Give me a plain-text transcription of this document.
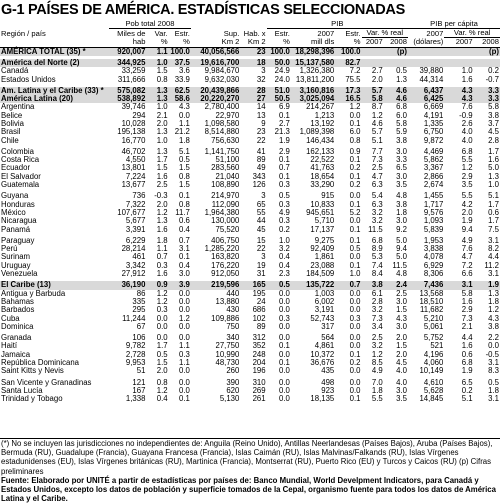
G-1 PAÍSES DE AMÉRICA. ESTADÍSTICAS SELECCIONADAS
	Pob total 2008					PIB					PIB per cápita		
Región / país	Miles de	Var.	Estr.	Sup.	Hab. x	Estr.	2007	Estr.	Var. % real		2007	Var. % real	
	hab	%	%	Km 2	Km 2	%	mill dls	%	2007	2008	(dólares)	2007	2008
AMÉRICA TOTAL (35) *	920,007	1.1	100.0	40,056,566	23	100.0	18,298,396	100.0		(p)			(p)

América del Norte (2)	344,925	1.0	37.5	19,616,700	18	50.0	15,137,580	82.7					
Canadá	33,259	1.5	3.6	9,984,670	3	24.9	1,326,380	7.2	2.7	0.5	39,880	1.0	0.2
Estados Unidos	311,666	0.8	33.9	9,632,030	32	24.0	13,811,200	75.5	2.0	1.3	44,314	1.6	-0.7

Am. Latina y el Caribe (33) *	575,082	1.3	62.5	20,439,866	28	51.0	3,160,816	17.3	5.7	4.6	6,437	4.3	3.3
América Latina (20)	538,892	1.3	58.6	20,220,270	27	50.5	3,025,094	16.5	5.8	4.6	6,425	4.3	3.3
Argentina	39,746	1.0	4.3	2,780,400	14	6.9	214,267	1.2	8.7	6.8	6,669	7.6	5.8
Belice	294	2.1	0.0	22,970	13	0.1	1,213	0.0	1.2	6.0	4,191	-0.9	3.8
Bolivia	10,028	2.0	1.1	1,098,580	9	2.7	13,192	0.1	4.6	5.8	1,335	2.6	3.7
Brasil	195,138	1.3	21.2	8,514,880	23	21.3	1,089,398	6.0	5.7	5.9	6,750	4.0	4.5
Chile	16,770	1.0	1.8	756,630	22	1.9	146,434	0.8	5.1	3.8	9,872	4.0	2.8

Colombia	46,702	1.3	5.1	1,141,750	41	2.9	162,133	0.9	7.7	3.0	4,469	6.8	1.7
Costa Rica	4,550	1.7	0.5	51,100	89	0.1	22,522	0.1	7.3	3.3	5,862	5.5	1.6
Ecuador	13,801	1.5	1.5	283,560	49	0.7	41,763	0.2	2.5	6.5	3,367	1.2	5.0
El Salvador	7,224	1.6	0.8	21,040	343	0.1	18,654	0.1	4.7	3.0	2,866	2.9	1.3
Guatemala	13,677	2.5	1.5	108,890	126	0.3	33,290	0.2	6.3	3.5	2,674	3.5	1.0

Guyana	736	-0.3	0.1	214,970	3	0.5	915	0.0	5.4	4.8	1,455	5.5	5.1
Honduras	7,322	2.0	0.8	112,090	65	0.3	10,833	0.1	6.3	3.8	1,717	4.2	1.7
México	107,677	1.2	11.7	1,964,380	55	4.9	945,651	5.2	3.2	1.8	9,576	2.0	0.6
Nicaragua	5,677	1.3	0.6	130,000	44	0.3	5,710	0.0	3.2	3.0	1,093	1.9	1.7
Panamá	3,391	1.6	0.4	75,520	45	0.2	17,137	0.1	11.5	9.2	5,839	9.4	7.5

Paraguay	6,229	1.8	0.7	406,750	15	1.0	9,275	0.1	6.8	5.0	1,953	4.9	3.1
Perú	28,214	1.1	3.1	1,285,220	22	3.2	92,409	0.5	8.9	9.4	3,838	7.6	8.2
Surinam	461	0.7	0.1	163,820	3	0.4	1,861	0.0	5.3	5.0	4,078	4.7	4.4
Uruguay	3,342	0.3	0.4	176,220	19	0.4	23,088	0.1	7.4	11.5	6,929	7.2	11.2
Venezuela	27,912	1.6	3.0	912,050	31	2.3	184,509	1.0	8.4	4.8	8,306	6.6	3.1

El Caribe (13)	36,190	0.9	3.9	219,596	165	0.5	135,722	0.7	3.8	2.4	7,436	3.1	1.9
Antigua y Barbuda	86	1.2	0.0	440	195	0.0	1,003	0.0	6.1	2.5	13,568	5.8	1.3
Bahamas	335	1.2	0.0	13,880	24	0.0	6,002	0.0	2.8	3.0	18,510	1.6	1.8
Barbados	295	0.3	0.0	430	686	0.0	3,191	0.0	3.2	1.5	11,682	2.9	1.2
Cuba	11,244	0.0	1.2	109,886	102	0.3	52,743	0.3	7.3	4.3	5,210	7.3	4.3
Dominica	67	0.0	0.0	750	89	0.0	317	0.0	3.4	3.0	5,061	2.1	3.8

Granada	106	0.0	0.0	340	312	0.0	564	0.0	2.5	2.0	5,752	4.4	2.2
Haití	9,782	1.7	1.1	27,750	352	0.1	4,861	0.0	3.2	1.5	521	1.6	0.0
Jamaica	2,728	0.5	0.3	10,990	248	0.0	10,372	0.1	1.2	2.0	4,196	0.6	-0.5
República Dominicana	9,953	1.5	1.1	48,730	204	0.1	36,676	0.2	8.5	4.5	4,060	6.8	3.1
Saint Kitts y Nevis	51	2.0	0.0	260	196	0.0	435	0.0	4.9	4.0	10,149	1.9	8.3

San Vicente y Granadinas	121	0.8	0.0	390	310	0.0	498	0.0	7.0	4.0	4,610	6.5	0.5
Santa Lucía	167	1.2	0.0	620	269	0.0	923	0.0	1.8	3.0	5,628	0.2	1.8
Trinidad y Tobago	1,338	0.4	0.1	5,130	261	0.0	18,135	0.1	5.5	3.5	14,845	5.1	3.1
(*) No se incluyen las jurisdicciones no independientes de: Anguila (Reino Unido), Antillas Neerlandesas (Países Bajos), Aruba (Países Bajos), Bermuda (RU), Guadalupe (Francia), Guayana Francesa (Francia), Islas Caimán (RU), Islas Malvinas/Falkands (RU), Islas Vírgenes estadunidenses (EU), Islas Vírgenes británicas (RU), Martinica (Francia), Montserrat (RU), Puerto Rico (EU) y Turcos y Caicos (RU) (p) Cifras preliminares
Fuente: Elaborado por UNITÉ a partir de estadísticas por países de: Banco Mundial, World Develpment Indicators, para Canadá y Estados Unidos, excepto los datos de población y superficie tomados de la Cepal, organismo fuente para todos los datos de América Latina y el Caribe.
